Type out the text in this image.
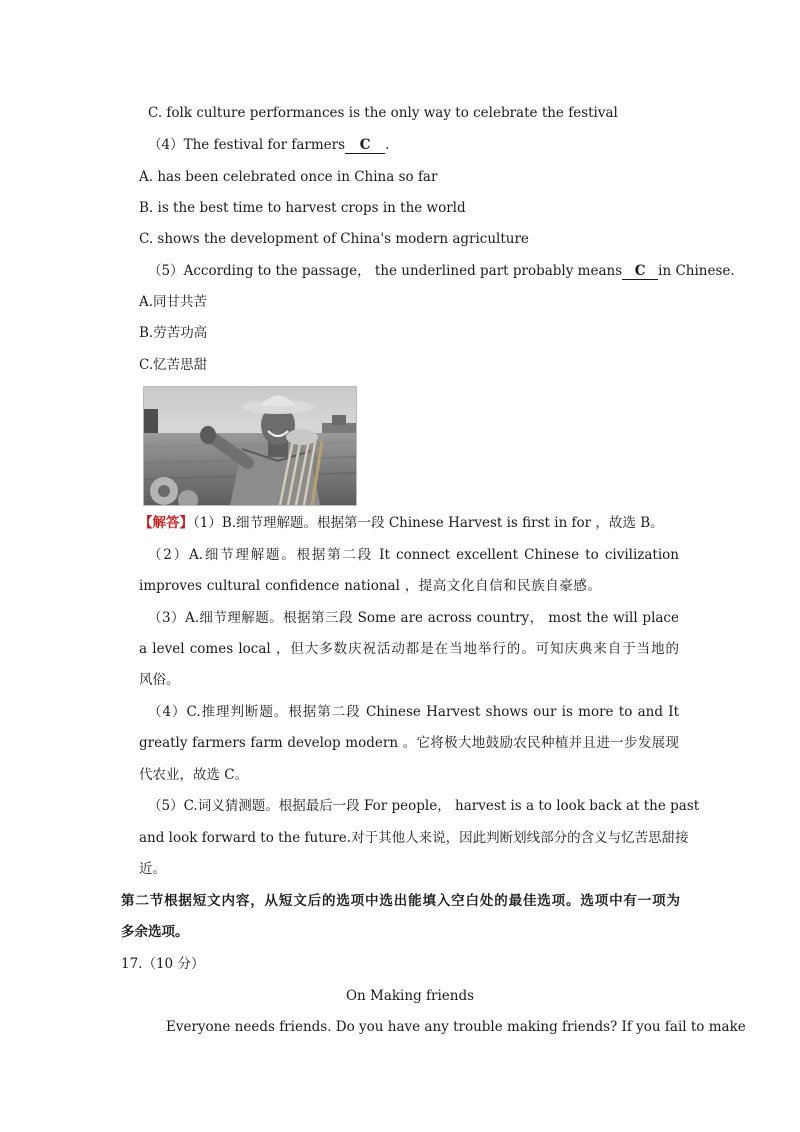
C. folk culture performances is the only way to celebrate the festival
（4）The festival for farmers C .
A. has been celebrated once in China so far
B. is the best time to harvest crops in the world
C. shows the development of China's modern agriculture
（5）According to the passage， the underlined part probably means C in Chinese.
A.同甘共苦
B.劳苦功高
C.忆苦思甜
【解答】（1）B.细节理解题。根据第一段 Chinese Harvest is first in for ，故选 B。
（2）A.细节理解题。根据第二段 It connect excellent Chinese to civilization
improves cultural confidence national ，提高文化自信和民族自豪感。
（3）A.细节理解题。根据第三段 Some are across country， most the will place
a level comes local ，但大多数庆祝活动都是在当地举行的。可知庆典来自于当地的
风俗。
（4）C.推理判断题。根据第二段 Chinese Harvest shows our is more to and It
greatly farmers farm develop modern 。它将极大地鼓励农民种植并且进一步发展现
代农业，故选 C。
（5）C.词义猜测题。根据最后一段 For people， harvest is a to look back at the past
and look forward to the future.对于其他人来说，因此判断划线部分的含义与忆苦思甜接
近。
第二节根据短文内容，从短文后的选项中选出能填入空白处的最佳选项。选项中有一项为
多余选项。
17.（10 分）
On Making friends
Everyone needs friends. Do you have any trouble making friends? If you fail to make
